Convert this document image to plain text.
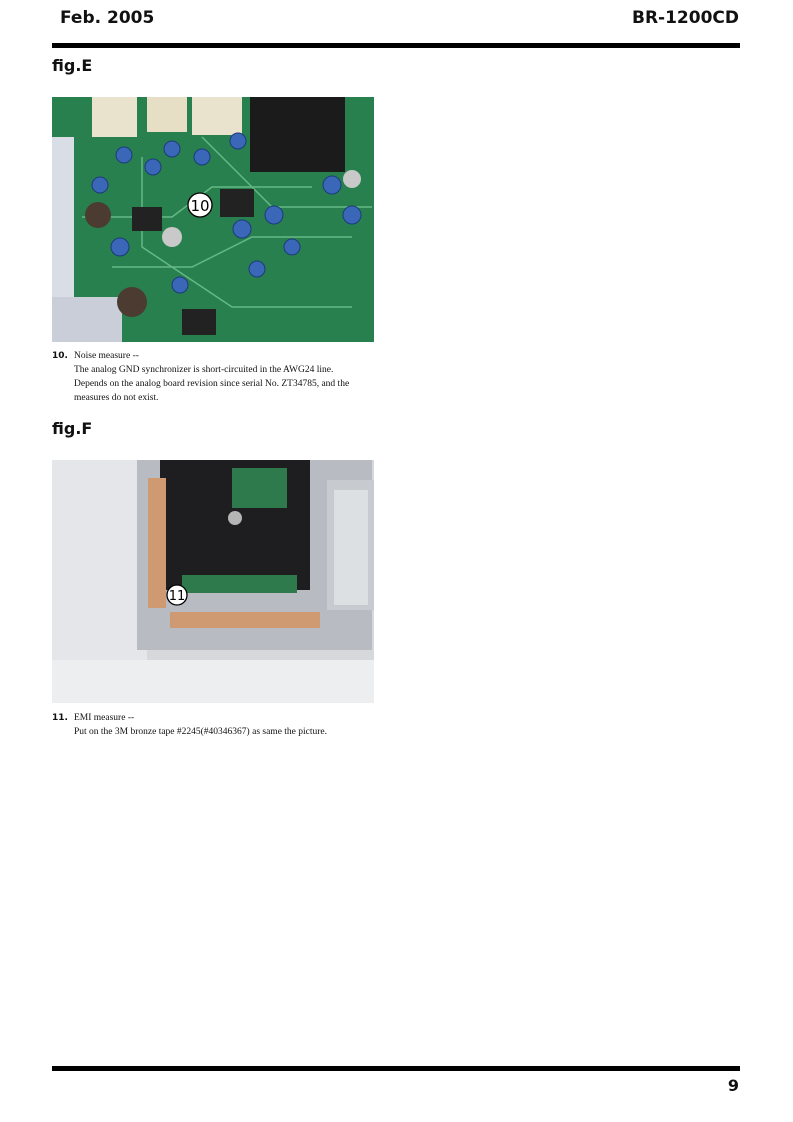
Feb. 2005	BR-1200CD
fig.E
10
10. Noise measure --
The analog GND synchronizer is short-circuited in the AWG24 line.
Depends on the analog board revision since serial No. ZT34785, and the
measures do not exist.
fig.F
11
11. EMI measure --
Put on the 3M bronze tape #2245(#40346367) as same the picture.
9
